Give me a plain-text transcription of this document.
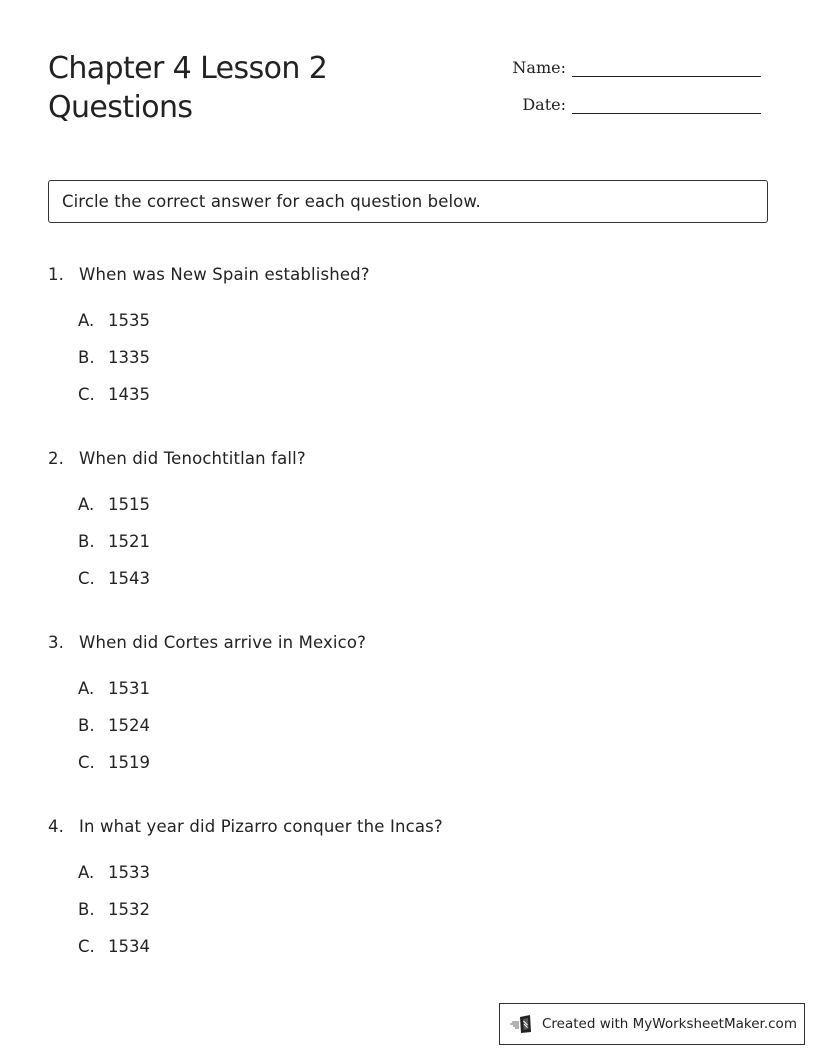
Chapter 4 Lesson 2
Questions
Name:
Date:
Circle the correct answer for each question below.
1. When was New Spain established?
A. 1535
B. 1335
C. 1435
2. When did Tenochtitlan fall?
A. 1515
B. 1521
C. 1543
3. When did Cortes arrive in Mexico?
A. 1531
B. 1524
C. 1519
4. In what year did Pizarro conquer the Incas?
A. 1533
B. 1532
C. 1534
Created with MyWorksheetMaker.com
